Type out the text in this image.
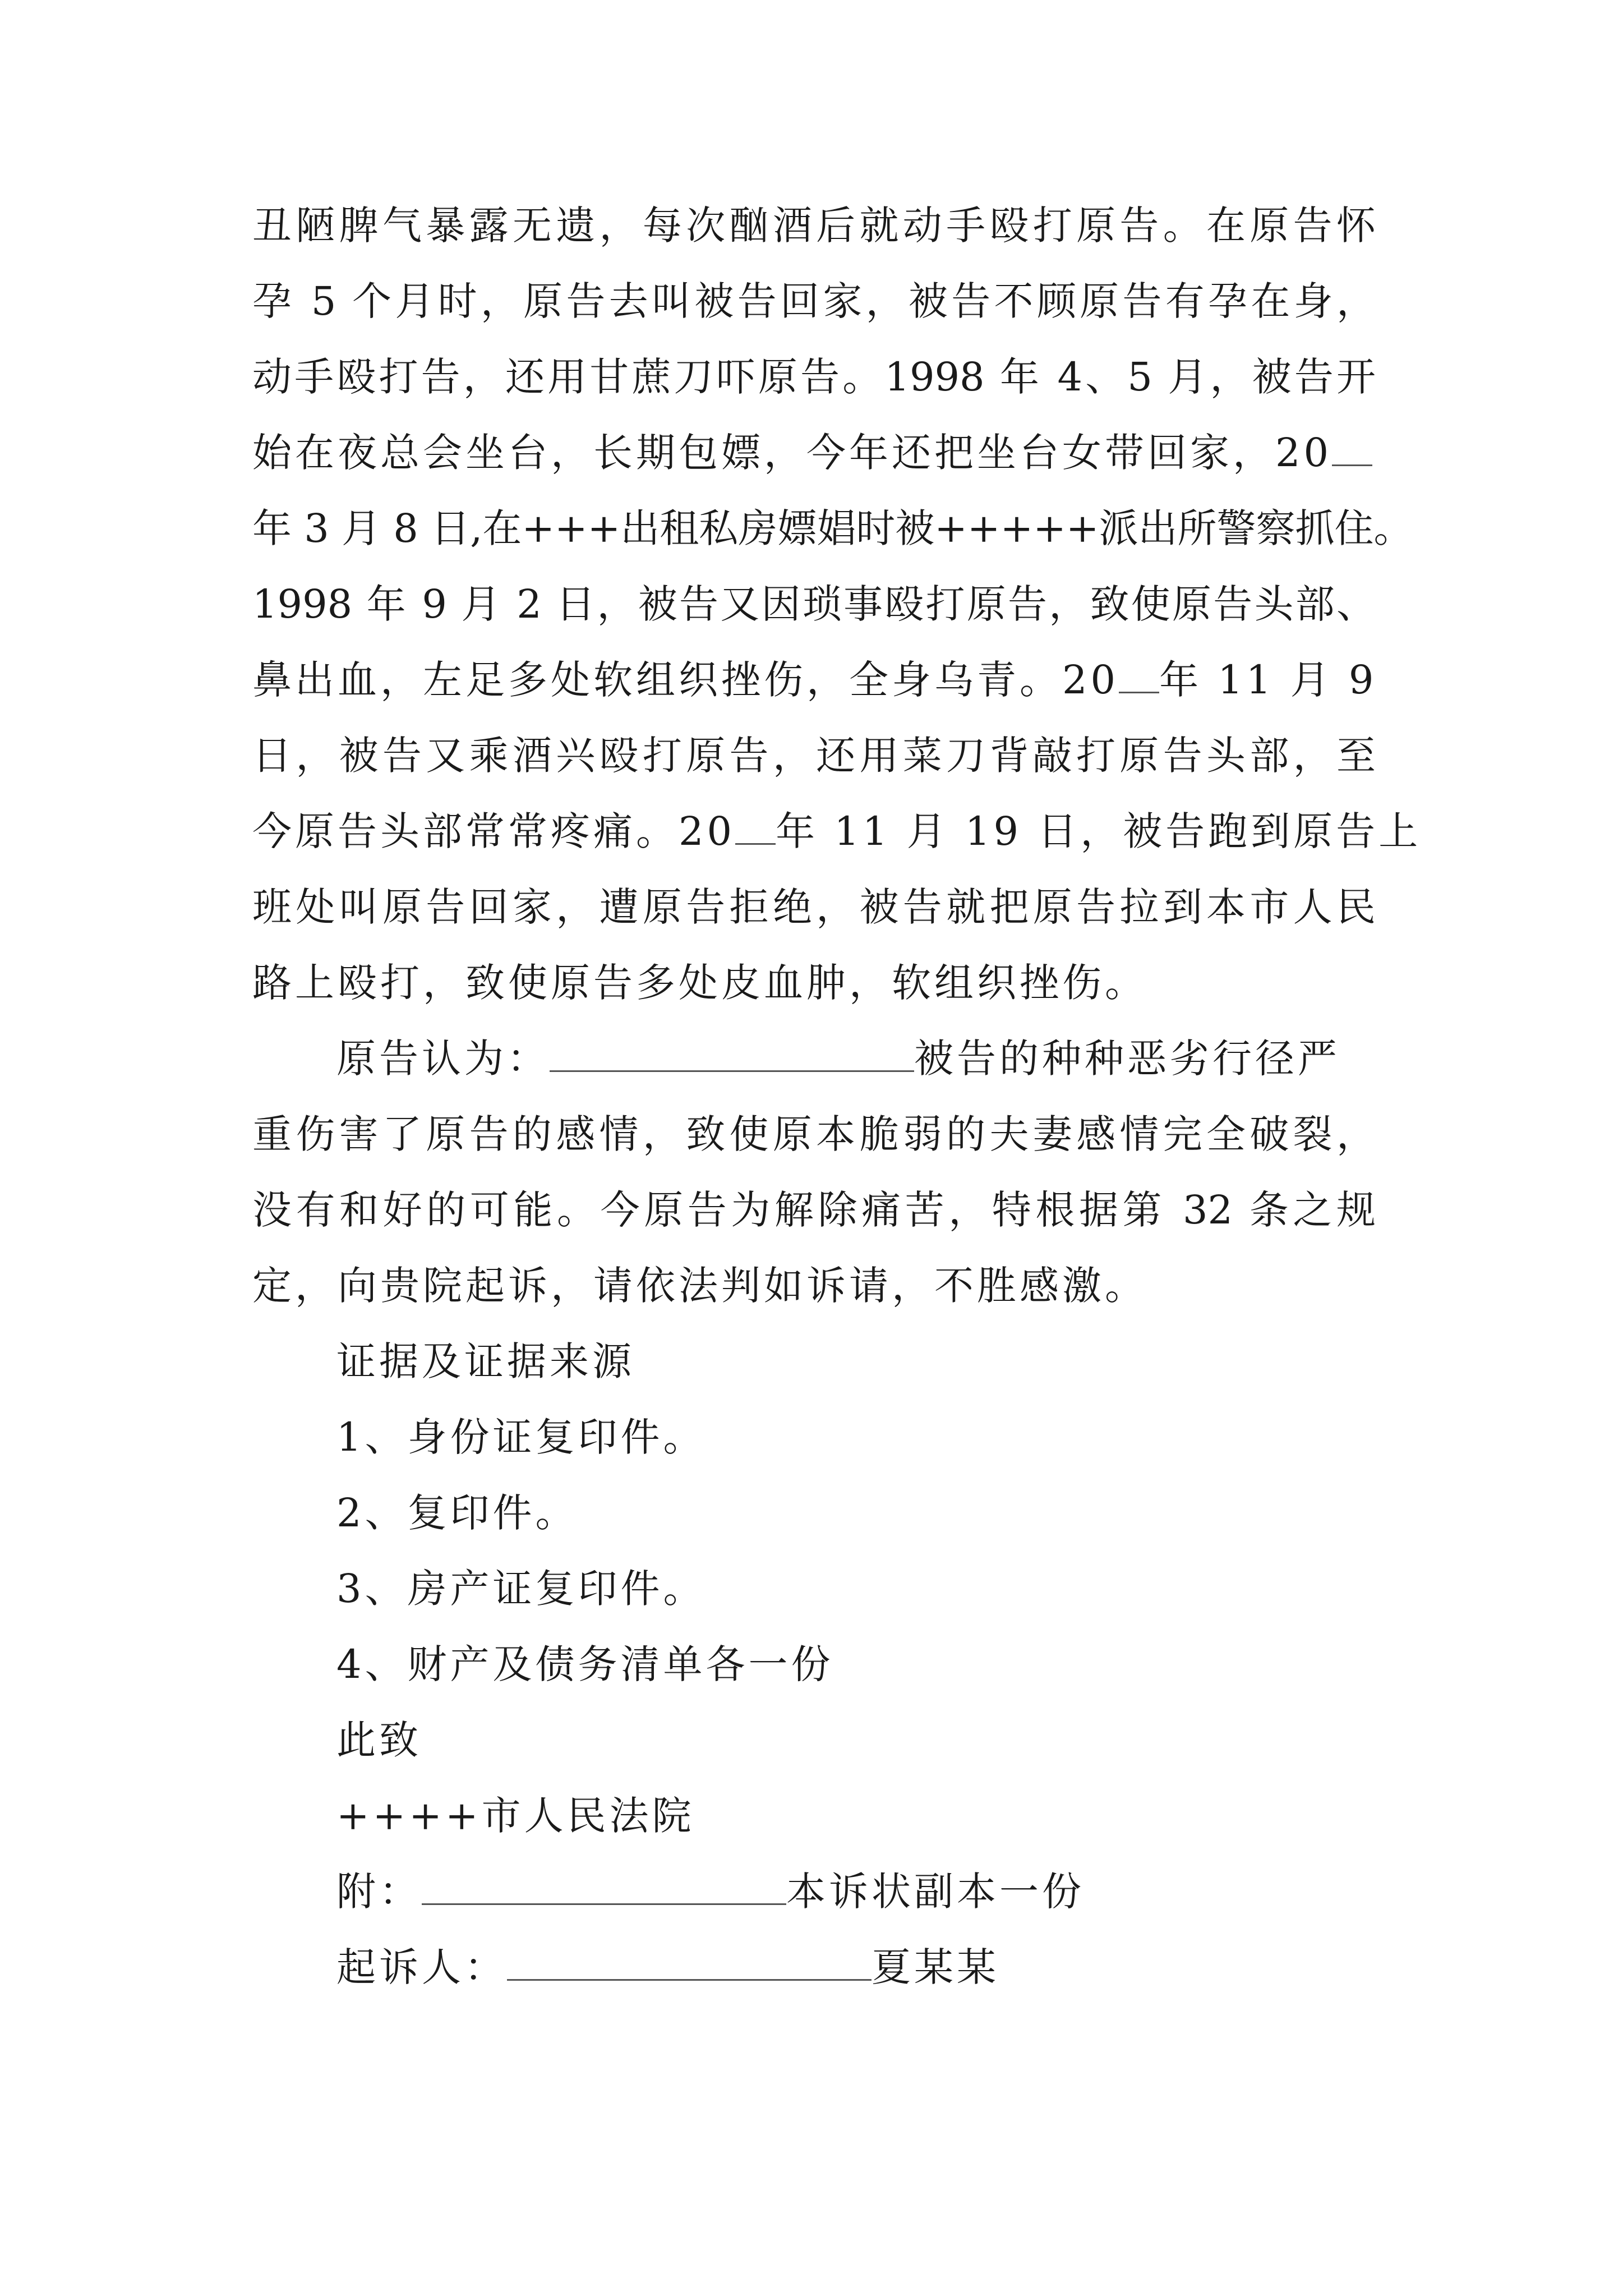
丑陋脾气暴露无遗，每次酗酒后就动手殴打原告。在原告怀
孕 5 个月时，原告去叫被告回家，被告不顾原告有孕在身，
动手殴打告，还用甘蔗刀吓原告。1998 年 4、5 月，被告开
始在夜总会坐台，长期包嫖，今年还把坐台女带回家，20
年 3 月 8 日,在+++出租私房嫖娼时被+++++派出所警察抓住。
1998 年 9 月 2 日，被告又因琐事殴打原告，致使原告头部、
鼻出血，左足多处软组织挫伤，全身乌青。20 年 11 月 9
日，被告又乘酒兴殴打原告，还用菜刀背敲打原告头部，至
今原告头部常常疼痛。20 年 11 月 19 日，被告跑到原告上
班处叫原告回家，遭原告拒绝，被告就把原告拉到本市人民
路上殴打，致使原告多处皮血肿，软组织挫伤。
原告认为：	被告的种种恶劣行径严
重伤害了原告的感情，致使原本脆弱的夫妻感情完全破裂，
没有和好的可能。今原告为解除痛苦，特根据第 32 条之规
定，向贵院起诉，请依法判如诉请，不胜感激。
证据及证据来源
1、身份证复印件。
2、复印件。
3、房产证复印件。
4、财产及债务清单各一份
此致
++++市人民法院
附：	本诉状副本一份
起诉人：	夏某某
